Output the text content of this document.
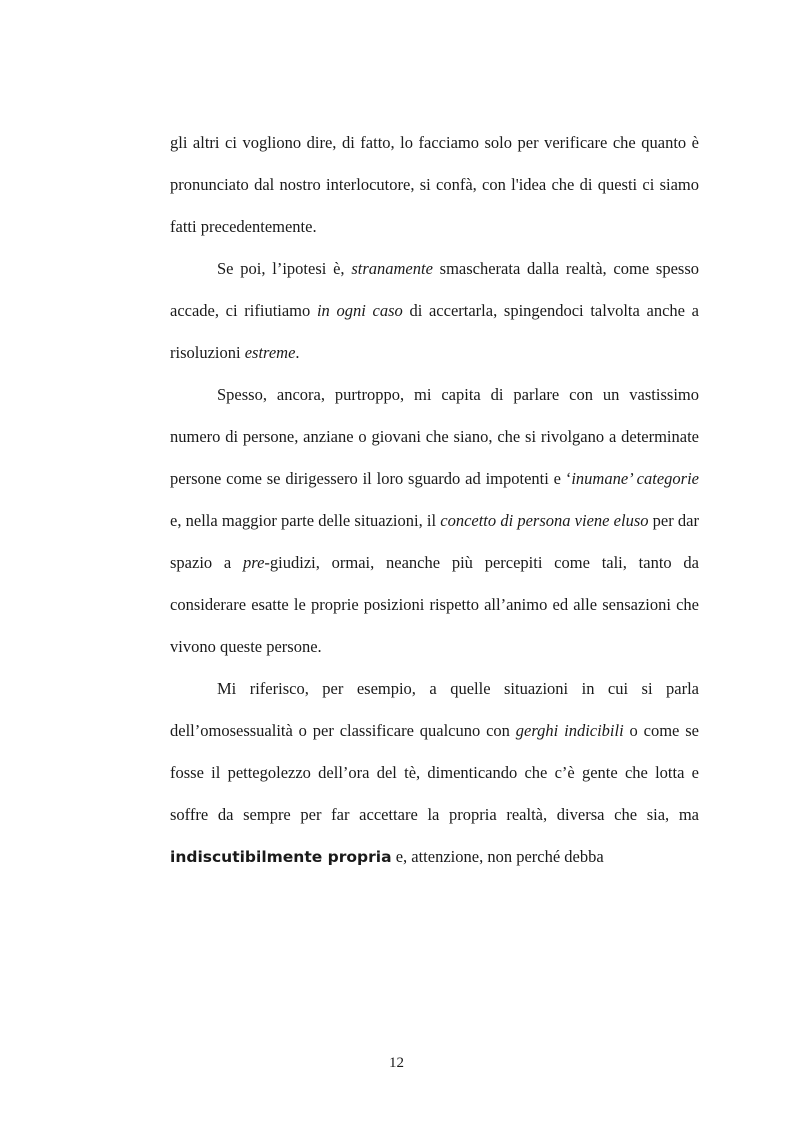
gli altri ci vogliono dire, di fatto, lo facciamo solo per verificare che quanto è pronunciato dal nostro interlocutore, si confà, con l'idea che di questi ci siamo fatti precedentemente.

Se poi, l’ipotesi è, stranamente smascherata dalla realtà, come spesso accade, ci rifiutiamo in ogni caso di accertarla, spingendoci talvolta anche a risoluzioni estreme.

Spesso, ancora, purtroppo, mi capita di parlare con un vastissimo numero di persone, anziane o giovani che siano, che si rivolgano a determinate persone come se dirigessero il loro sguardo ad impotenti e ‘inumane’ categorie e, nella maggior parte delle situazioni, il concetto di persona viene eluso per dar spazio a pre-giudizi, ormai, neanche più percepiti come tali, tanto da considerare esatte le proprie posizioni rispetto all’animo ed alle sensazioni che vivono queste persone.

Mi riferisco, per esempio, a quelle situazioni in cui si parla dell’omosessualità o per classificare qualcuno con gerghi indicibili o come se fosse il pettegolezzo dell’ora del tè, dimenticando che c’è gente che lotta e soffre da sempre per far accettare la propria realtà, diversa che sia, ma indiscutibilmente propria e, attenzione, non perché debba

12
